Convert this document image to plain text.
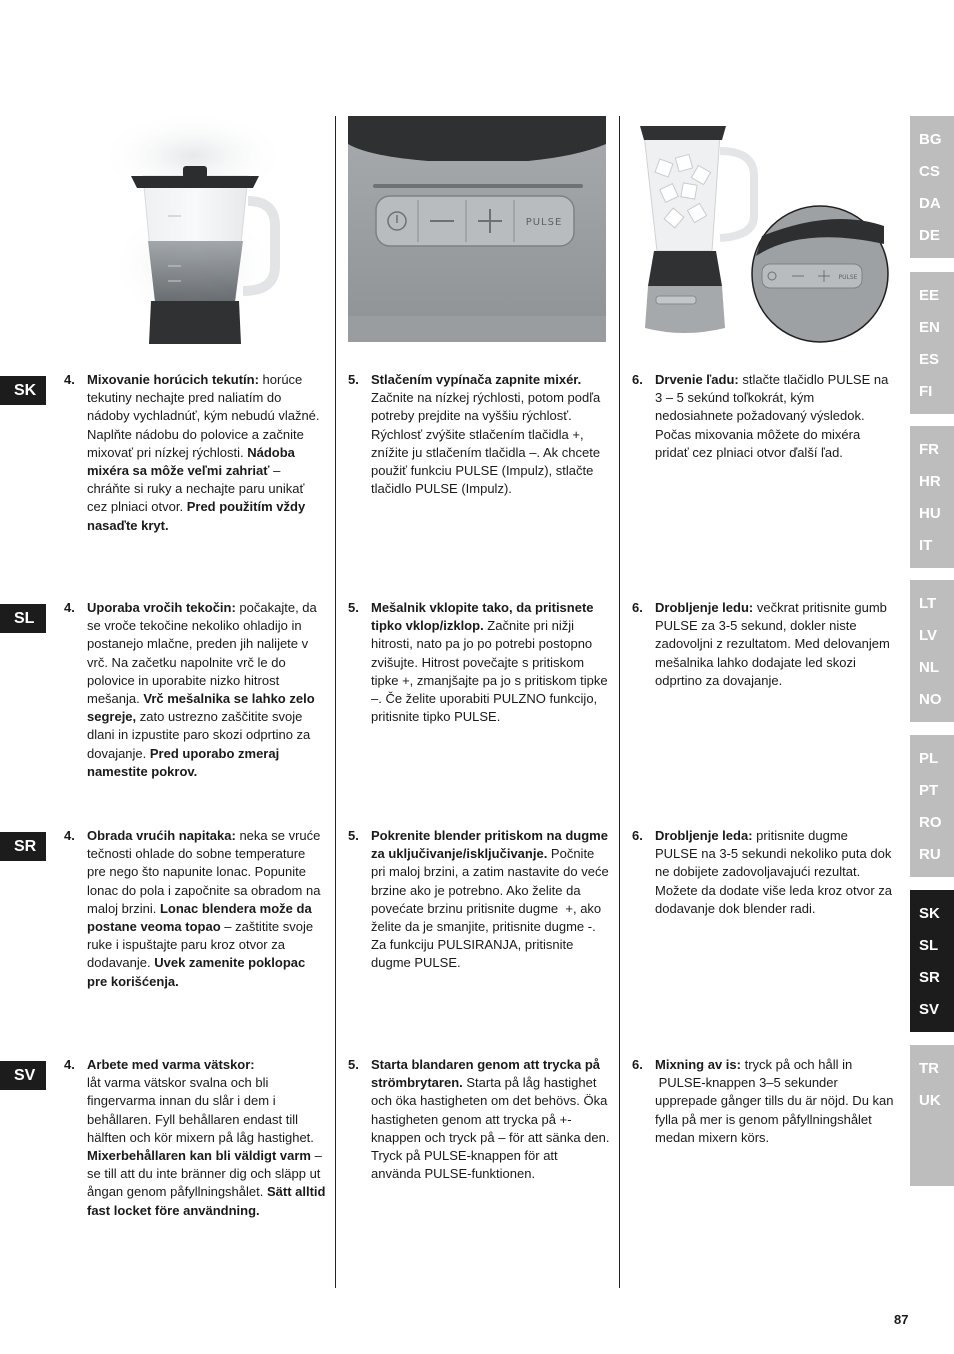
PULSE
PULSE
SK
4. Mixovanie horúcich tekutín: horúce tekutiny nechajte pred naliatím do nádoby vychladnúť, kým nebudú vlažné. Naplňte nádobu do polovice a začnite mixovať pri nízkej rýchlosti. Nádoba mixéra sa môže veľmi zahriať – chráňte si ruky a nechajte paru unikať cez plniaci otvor. Pred použitím vždy nasaďte kryt.
5. Stlačením vypínača zapnite mixér. Začnite na nízkej rýchlosti, potom podľa potreby prejdite na vyššiu rýchlosť. Rýchlosť zvýšite stlačením tlačidla +, znížite ju stlačením tlačidla –. Ak chcete použiť funkciu PULSE (Impulz), stlačte tlačidlo PULSE (Impulz).
6. Drvenie ľadu: stlačte tlačidlo PULSE na 3 – 5 sekúnd toľkokrát, kým nedosiahnete požadovaný výsledok. Počas mixovania môžete do mixéra pridať cez plniaci otvor ďalší ľad.
SL
4. Uporaba vročih tekočin: počakajte, da se vroče tekočine nekoliko ohladijo in postanejo mlačne, preden jih nalijete v vrč. Na začetku napolnite vrč le do polovice in uporabite nizko hitrost mešanja. Vrč mešalnika se lahko zelo segreje, zato ustrezno zaščitite svoje dlani in izpustite paro skozi odprtino za dovajanje. Pred uporabo zmeraj namestite pokrov.
5. Mešalnik vklopite tako, da pritisnete tipko vklop/izklop. Začnite pri nižji hitrosti, nato pa jo po potrebi postopno zvišujte. Hitrost povečajte s pritiskom tipke +, zmanjšajte pa jo s pritiskom tipke –. Če želite uporabiti PULZNO funkcijo, pritisnite tipko PULSE.
6. Drobljenje ledu: večkrat pritisnite gumb PULSE za 3-5 sekund, dokler niste zadovoljni z rezultatom. Med delovanjem mešalnika lahko dodajate led skozi odprtino za dovajanje.
SR
4. Obrada vrućih napitaka: neka se vruće tečnosti ohlade do sobne temperature pre nego što napunite lonac. Popunite lonac do pola i započnite sa obradom na maloj brzini. Lonac blendera može da postane veoma topao – zaštitite svoje ruke i ispuštajte paru kroz otvor za dodavanje. Uvek zamenite poklopac pre korišćenja.
5. Pokrenite blender pritiskom na dugme za uključivanje/isključivanje. Počnite pri maloj brzini, a zatim nastavite do veće brzine ako je potrebno. Ako želite da povećate brzinu pritisnite dugme  +, ako želite da je smanjite, pritisnite dugme -. Za funkciju PULSIRANJA, pritisnite dugme PULSE.
6. Drobljenje leda: pritisnite dugme PULSE na 3-5 sekundi nekoliko puta dok ne dobijete zadovoljavajući rezultat. Možete da dodate više leda kroz otvor za dodavanje dok blender radi.
SV
4. Arbete med varma vätskor:
låt varma vätskor svalna och bli fingervarma innan du slår i dem i behållaren. Fyll behållaren endast till hälften och kör mixern på låg hastighet. Mixerbehållaren kan bli väldigt varm – se till att du inte bränner dig och släpp ut ångan genom påfyllningshålet. Sätt alltid fast locket före användning.
5. Starta blandaren genom att trycka på strömbrytaren. Starta på låg hastighet och öka hastigheten om det behövs. Öka hastigheten genom att trycka på +-knappen och tryck på – för att sänka den. Tryck på PULSE-knappen för att använda PULSE-funktionen.
6. Mixning av is: tryck på och håll in  PULSE-knappen 3–5 sekunder upprepade gånger tills du är nöjd. Du kan fylla på mer is genom påfyllningshålet medan mixern körs.
BG
CS
DA
DE
EE
EN
ES
FI
FR
HR
HU
IT
LT
LV
NL
NO
PL
PT
RO
RU
SK
SL
SR
SV
TR
UK
87
